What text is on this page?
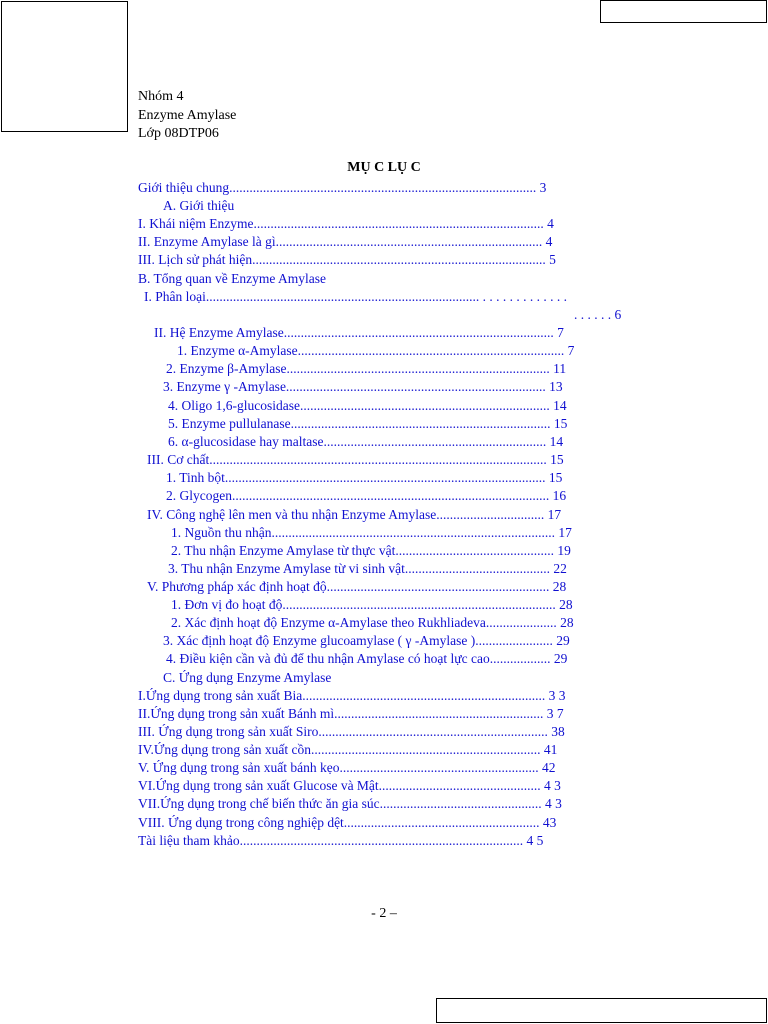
Nhóm 4
Enzyme Amylase
Lớp 08DTP06
MỤ C LỤ C
Giới thiệu chung........................................................................................... 3
A. Giới thiệu
I. Khái niệm Enzyme...................................................................................... 4
II. Enzyme Amylase là gì............................................................................... 4
III. Lịch sử phát hiện....................................................................................... 5
B. Tổng quan về Enzyme Amylase
I. Phân loại................................................................................. . . . . . . . . . . . . .
. . . . . . 6
II. Hệ Enzyme Amylase................................................................................ 7
1. Enzyme α-Amylase............................................................................... 7
2. Enzyme β-Amylase.............................................................................. 11
3. Enzyme γ -Amylase............................................................................. 13
4. Oligo 1,6-glucosidase.......................................................................... 14
5. Enzyme pullulanase............................................................................. 15
6. α-glucosidase hay maltase.................................................................. 14
III. Cơ chất.................................................................................................... 15
1. Tinh bột............................................................................................... 15
2. Glycogen.............................................................................................. 16
IV. Công nghệ lên men và thu nhận Enzyme Amylase................................ 17
1. Nguồn thu nhận.................................................................................... 17
2. Thu nhận Enzyme Amylase từ thực vật............................................... 19
3. Thu nhận Enzyme Amylase từ vi sinh vật........................................... 22
V. Phương pháp xác định hoạt độ.................................................................. 28
1. Đơn vị đo hoạt độ................................................................................. 28
2. Xác định hoạt độ Enzyme α-Amylase theo Rukhliadeva..................... 28
3. Xác định hoạt độ Enzyme glucoamylase ( γ -Amylase )....................... 29
4. Điều kiện cần và đủ để thu nhận Amylase có hoạt lực cao.................. 29
C. Ứng dụng Enzyme Amylase
I.Ứng dụng trong sản xuất Bia........................................................................ 3 3
II.Ứng dụng trong sản xuất Bánh mì.............................................................. 3 7
III. Ứng dụng trong sản xuất Siro.................................................................... 38
IV.Ứng dụng trong sản xuất cồn.................................................................... 41
V. Ứng dụng trong sản xuất bánh kẹo........................................................... 42
VI.Ứng dụng trong sản xuất Glucose và Mật................................................ 4 3
VII.Ứng dụng trong chế biến thức ăn gia súc................................................ 4 3
VIII. Ứng dụng trong công nghiệp dệt.......................................................... 43
Tài liệu tham khảo.................................................................................... 4 5
- 2 –
